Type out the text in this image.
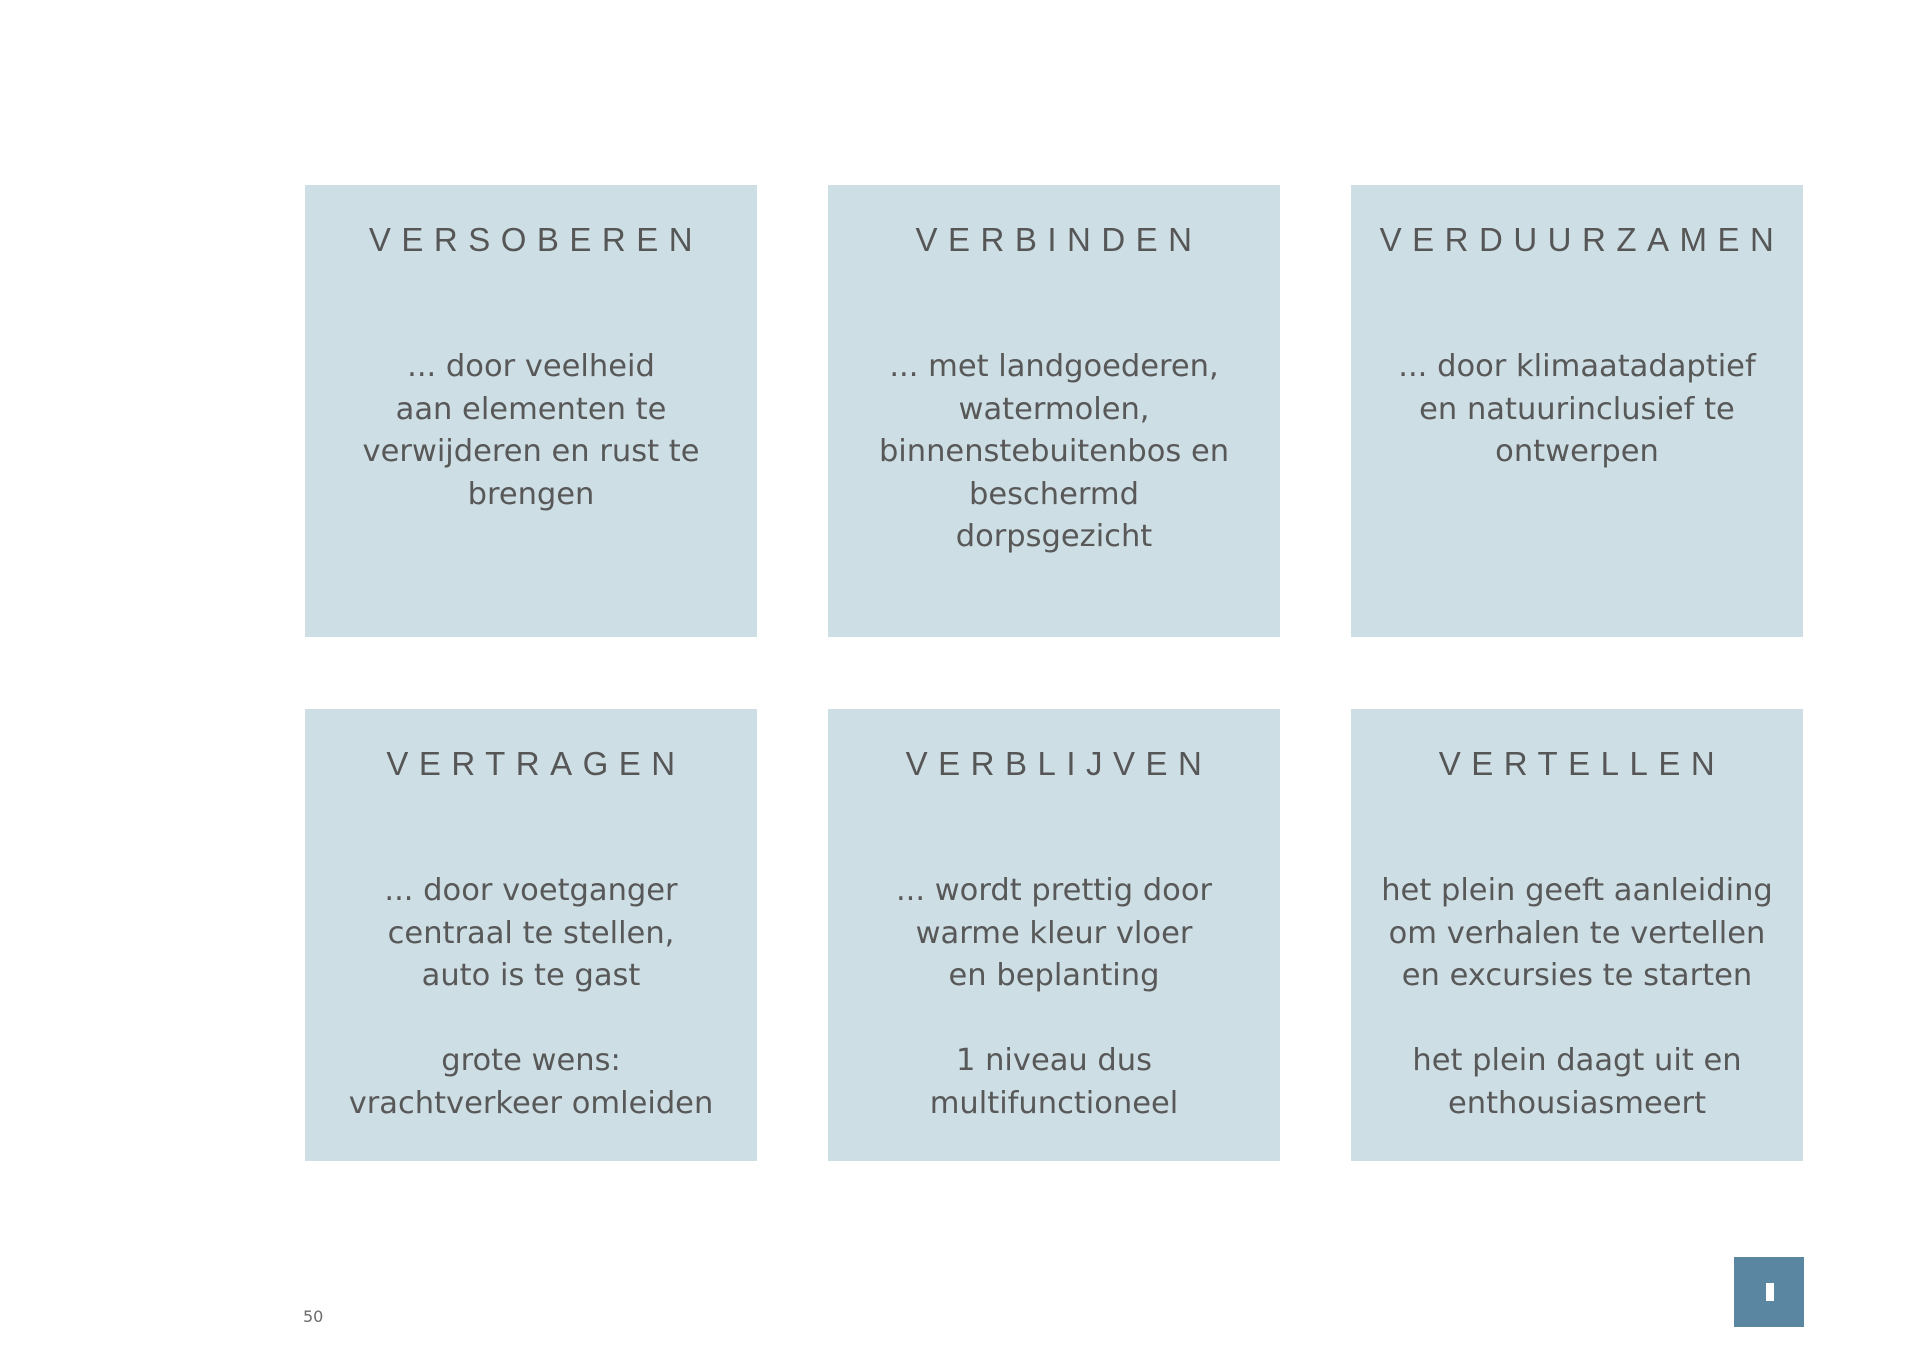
VERSOBEREN

... door veelheid
aan elementen te
verwijderen en rust te
brengen

VERBINDEN

... met landgoederen,
watermolen,
binnenstebuitenbos en
beschermd
dorpsgezicht

VERDUURZAMEN

... door klimaatadaptief
en natuurinclusief te
ontwerpen

VERTRAGEN

... door voetganger
centraal te stellen,
auto is te gast

grote wens:
vrachtverkeer omleiden

VERBLIJVEN

... wordt prettig door
warme kleur vloer
en beplanting

1 niveau dus
multifunctioneel

VERTELLEN

het plein geeft aanleiding
om verhalen te vertellen
en excursies te starten

het plein daagt uit en
enthousiasmeert

50
